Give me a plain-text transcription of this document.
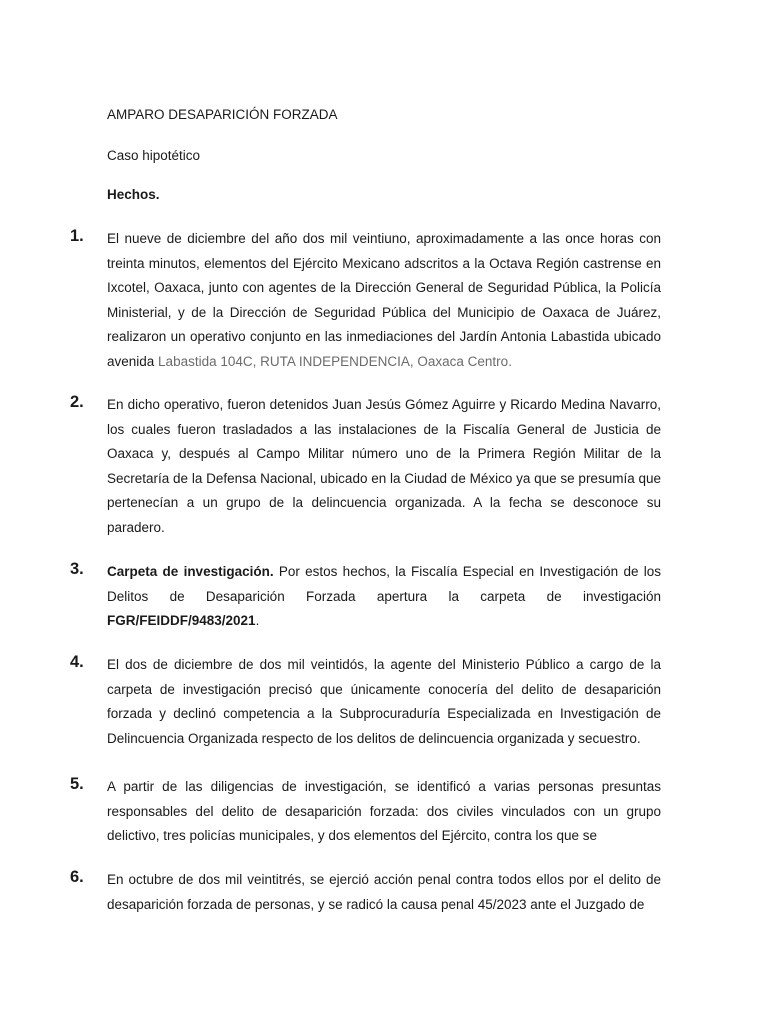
AMPARO DESAPARICIÓN FORZADA
Caso hipotético
Hechos.
1.	El nueve de diciembre del año dos mil veintiuno, aproximadamente a las once horas con treinta minutos, elementos del Ejército Mexicano adscritos a la Octava Región castrense en Ixcotel, Oaxaca, junto con agentes de la Dirección General de Seguridad Pública, la Policía Ministerial, y de la Dirección de Seguridad Pública del Municipio de Oaxaca de Juárez, realizaron un operativo conjunto en las inmediaciones del Jardín Antonia Labastida ubicado avenida Labastida 104C, RUTA INDEPENDENCIA, Oaxaca Centro.
2.	En dicho operativo, fueron detenidos Juan Jesús Gómez Aguirre y Ricardo Medina Navarro, los cuales fueron trasladados a las instalaciones de la Fiscalía General de Justicia de Oaxaca y, después al Campo Militar número uno de la Primera Región Militar de la Secretaría de la Defensa Nacional, ubicado en la Ciudad de México ya que se presumía que pertenecían a un grupo de la delincuencia organizada. A la fecha se desconoce su paradero.
3.	Carpeta de investigación. Por estos hechos, la Fiscalía Especial en Investigación de los Delitos de Desaparición Forzada apertura la carpeta de investigación FGR/FEIDDF/9483/2021.
4.	El dos de diciembre de dos mil veintidós, la agente del Ministerio Público a cargo de la carpeta de investigación precisó que únicamente conocería del delito de desaparición forzada y declinó competencia a la Subprocuraduría Especializada en Investigación de Delincuencia Organizada respecto de los delitos de delincuencia organizada y secuestro.
5.	A partir de las diligencias de investigación, se identificó a varias personas presuntas responsables del delito de desaparición forzada: dos civiles vinculados con un grupo delictivo, tres policías municipales, y dos elementos del Ejército, contra los que se
6.	En octubre de dos mil veintitrés, se ejerció acción penal contra todos ellos por el delito de desaparición forzada de personas, y se radicó la causa penal 45/2023 ante el Juzgado de
